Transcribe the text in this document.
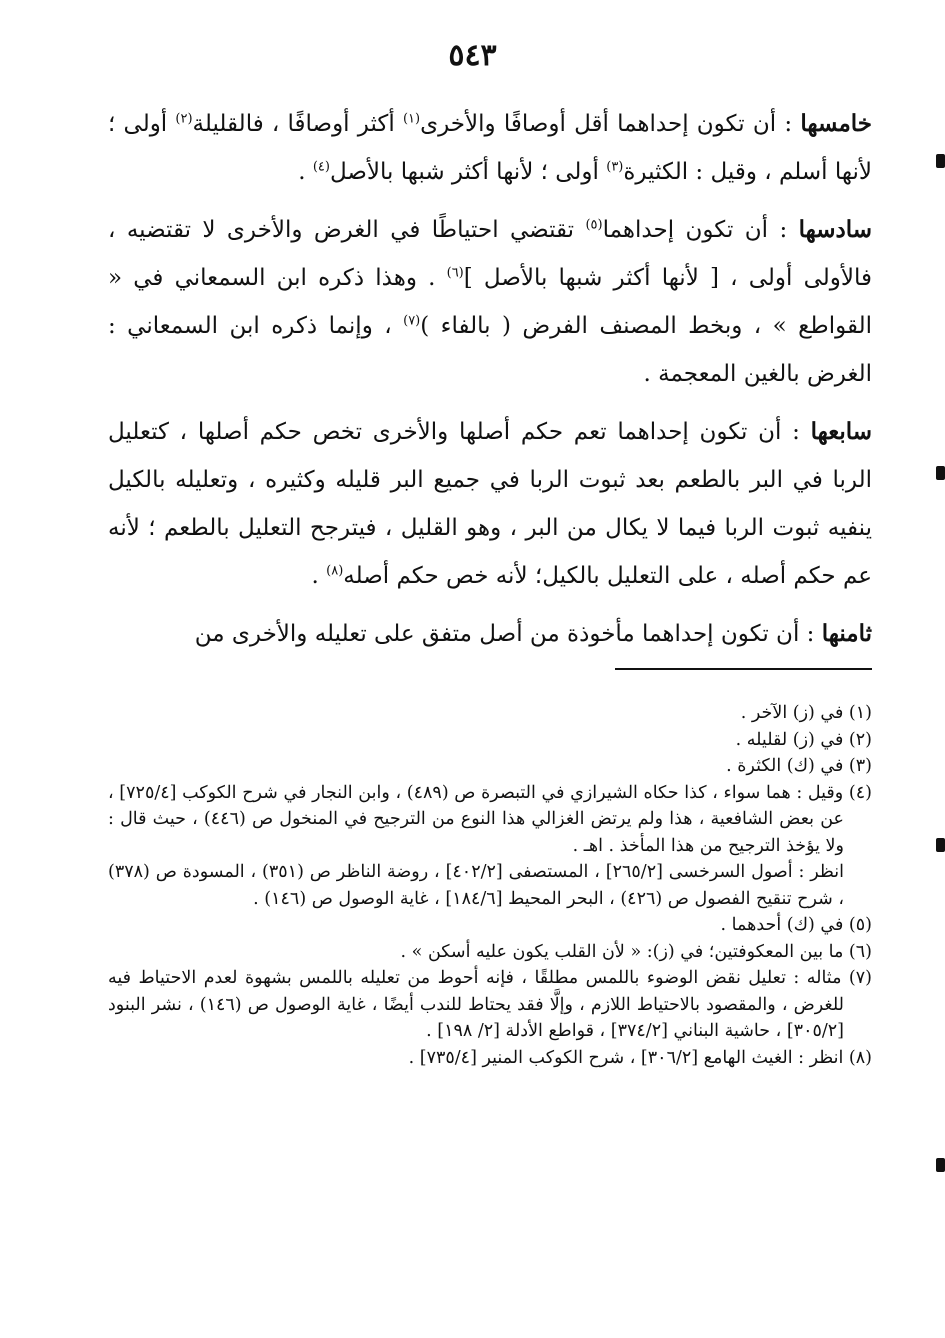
٥٤٣

خامسها : أن تكون إحداهما أقل أوصافًا والأخرى$^{(١)}$ أكثر أوصافًا ، فالقليلة$^{(٢)}$ أولى ؛ لأنها أسلم ، وقيل : الكثيرة$^{(٣)}$ أولى ؛ لأنها أكثر شبها بالأصل$^{(٤)}$ .

سادسها : أن تكون إحداهما$^{(٥)}$ تقتضي احتياطًا في الغرض والأخرى لا تقتضيه ، فالأولى أولى ، [ لأنها أكثر شبها بالأصل ]$^{(٦)}$ . وهذا ذكره ابن السمعاني في « القواطع » ، وبخط المصنف الفرض ( بالفاء )$^{(٧)}$ ، وإنما ذكره ابن السمعاني : الغرض بالغين المعجمة .

سابعها : أن تكون إحداهما تعم حكم أصلها والأخرى تخص حكم أصلها ، كتعليل الربا في البر بالطعم بعد ثبوت الربا في جميع البر قليله وكثيره ، وتعليله بالكيل ينفيه ثبوت الربا فيما لا يكال من البر ، وهو القليل ، فيترجح التعليل بالطعم ؛ لأنه عم حكم أصله ، على التعليل بالكيل؛ لأنه خص حكم أصله$^{(٨)}$ .

ثامنها : أن تكون إحداهما مأخوذة من أصل متفق على تعليله والأخرى من

(١) في (ز) الآخر .

(٢) في (ز) لقليله .

(٣) في (ك) الكثرة .

(٤) وقيل : هما سواء ، كذا حكاه الشيرازي في التبصرة ص (٤٨٩) ، وابن النجار في شرح الكوكب [٧٢٥/٤] ، عن بعض الشافعية ، هذا ولم يرتض الغزالي هذا النوع من الترجيح في المنخول ص (٤٤٦) ، حيث قال : ولا يؤخذ الترجيح من هذا المأخذ . اهـ .

انظر : أصول السرخسى [٢٦٥/٢] ، المستصفى [٤٠٢/٢] ، روضة الناظر ص (٣٥١) ، المسودة ص (٣٧٨) ، شرح تنقيح الفصول ص (٤٢٦) ، البحر المحيط [١٨٤/٦] ، غاية الوصول ص (١٤٦) .

(٥) في (ك) أحدهما .

(٦) ما بين المعكوفتين؛ في (ز): « لأن القلب يكون عليه أسكن » .

(٧) مثاله : تعليل نقض الوضوء باللمس مطلقًا ، فإنه أحوط من تعليله باللمس بشهوة لعدم الاحتياط فيه للغرض ، والمقصود بالاحتياط اللازم ، وإلَّا فقد يحتاط للندب أيضًا ، غاية الوصول ص (١٤٦) ، نشر البنود [٣٠٥/٢] ، حاشية البناني [٣٧٤/٢] ، قواطع الأدلة [٢/ ١٩٨] .

(٨) انظر : الغيث الهامع [٣٠٦/٢] ، شرح الكوكب المنير [٧٣٥/٤] .
